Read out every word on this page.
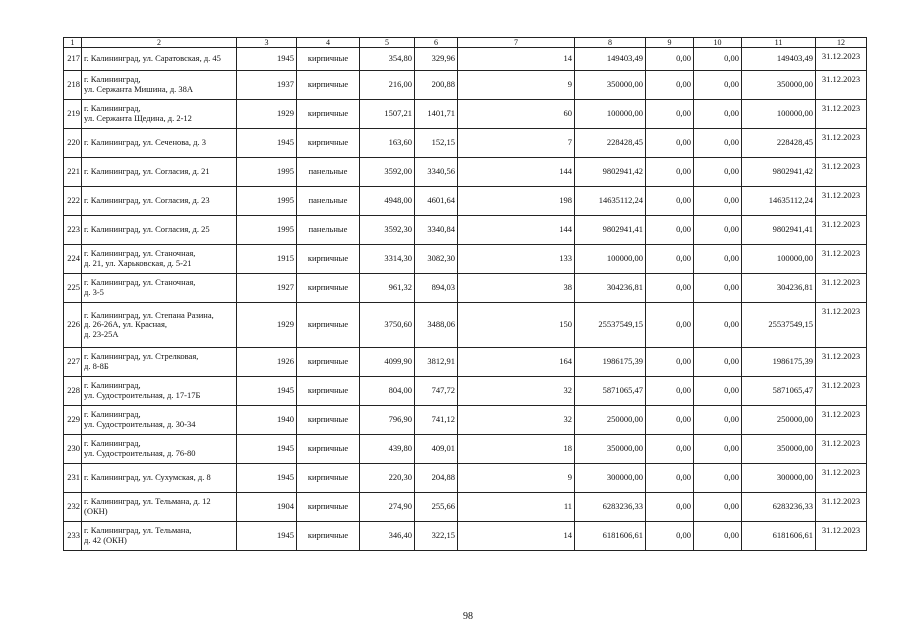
1	2	3	4	5	6	7	8	9	10	11	12
217	г. Калининград, ул. Саратовская, д. 45	1945	кирпичные	354,80	329,96	14	149403,49	0,00	0,00	149403,49	31.12.2023
218	г. Калининград,
ул. Сержанта Мишина, д. 38А	1937	кирпичные	216,00	200,88	9	350000,00	0,00	0,00	350000,00	31.12.2023
219	г. Калининград,
ул. Сержанта Щедина, д. 2-12	1929	кирпичные	1507,21	1401,71	60	100000,00	0,00	0,00	100000,00	31.12.2023
220	г. Калининград, ул. Сеченова, д. 3	1945	кирпичные	163,60	152,15	7	228428,45	0,00	0,00	228428,45	31.12.2023
221	г. Калининград, ул. Согласия, д. 21	1995	панельные	3592,00	3340,56	144	9802941,42	0,00	0,00	9802941,42	31.12.2023
222	г. Калининград, ул. Согласия, д. 23	1995	панельные	4948,00	4601,64	198	14635112,24	0,00	0,00	14635112,24	31.12.2023
223	г. Калининград, ул. Согласия, д. 25	1995	панельные	3592,30	3340,84	144	9802941,41	0,00	0,00	9802941,41	31.12.2023
224	г. Калининград, ул. Станочная,
д. 21, ул. Харьковская, д. 5-21	1915	кирпичные	3314,30	3082,30	133	100000,00	0,00	0,00	100000,00	31.12.2023
225	г. Калининград, ул. Станочная,
д. 3-5	1927	кирпичные	961,32	894,03	38	304236,81	0,00	0,00	304236,81	31.12.2023
226	г. Калининград, ул. Степана Разина,
д. 26-26А, ул. Красная,
д. 23-25А	1929	кирпичные	3750,60	3488,06	150	25537549,15	0,00	0,00	25537549,15	31.12.2023
227	г. Калининград, ул. Стрелковая,
д. 8-8Б	1926	кирпичные	4099,90	3812,91	164	1986175,39	0,00	0,00	1986175,39	31.12.2023
228	г. Калининград,
ул. Судостроительная, д. 17-17Б	1945	кирпичные	804,00	747,72	32	5871065,47	0,00	0,00	5871065,47	31.12.2023
229	г. Калининград,
ул. Судостроительная, д. 30-34	1940	кирпичные	796,90	741,12	32	250000,00	0,00	0,00	250000,00	31.12.2023
230	г. Калининград,
ул. Судостроительная, д. 76-80	1945	кирпичные	439,80	409,01	18	350000,00	0,00	0,00	350000,00	31.12.2023
231	г. Калининград, ул. Сухумская, д. 8	1945	кирпичные	220,30	204,88	9	300000,00	0,00	0,00	300000,00	31.12.2023
232	г. Калининград, ул. Тельмана, д. 12
(ОКН)	1904	кирпичные	274,90	255,66	11	6283236,33	0,00	0,00	6283236,33	31.12.2023
233	г. Калининград, ул. Тельмана,
д. 42 (ОКН)	1945	кирпичные	346,40	322,15	14	6181606,61	0,00	0,00	6181606,61	31.12.2023
98
